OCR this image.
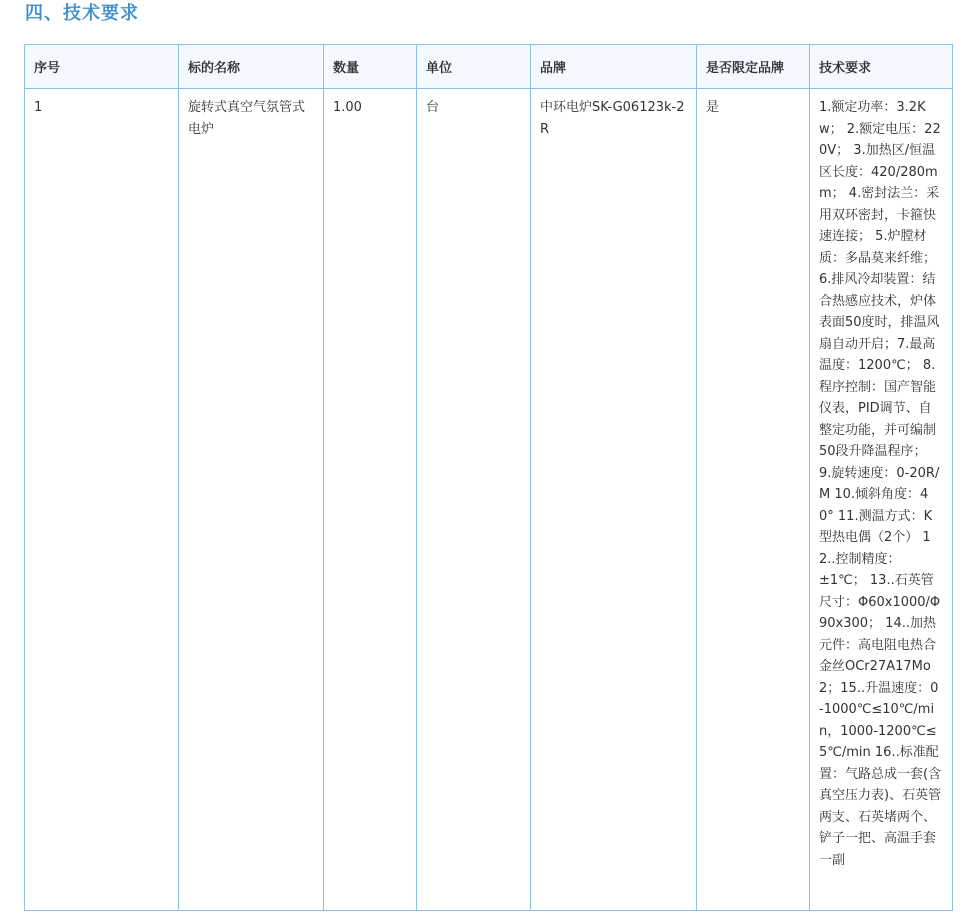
四、技术要求
序号	标的名称	数量	单位	品牌	是否限定品牌	技术要求
1	旋转式真空气氛管式电炉	1.00	台	中环电炉SK-G06123k-2R	是	1.额定功率：3.2Kw； 2.额定电压：220V； 3.加热区/恒温区长度：420/280mm； 4.密封法兰：采用双环密封，卡箍快速连接； 5.炉膛材质：多晶莫来纤维； 6.排风冷却装置：结合热感应技术，炉体表面50度时，排温风扇自动开启；7.最高温度：1200℃； 8.程序控制：国产智能仪表，PID调节、自整定功能，并可编制50段升降温程序； 9.旋转速度：0-20R/M 10.倾斜角度：40° 11.测温方式：K型热电偶（2个） 12..控制精度：±1℃； 13..石英管尺寸：Φ60x1000/Φ90x300； 14..加热元件：高电阻电热合金丝OCr27A17Mo2；15..升温速度：0-1000℃≤10℃/min，1000-1200℃≤5℃/min 16..标准配置：气路总成一套(含真空压力表)、石英管两支、石英堵两个、铲子一把、高温手套一副
